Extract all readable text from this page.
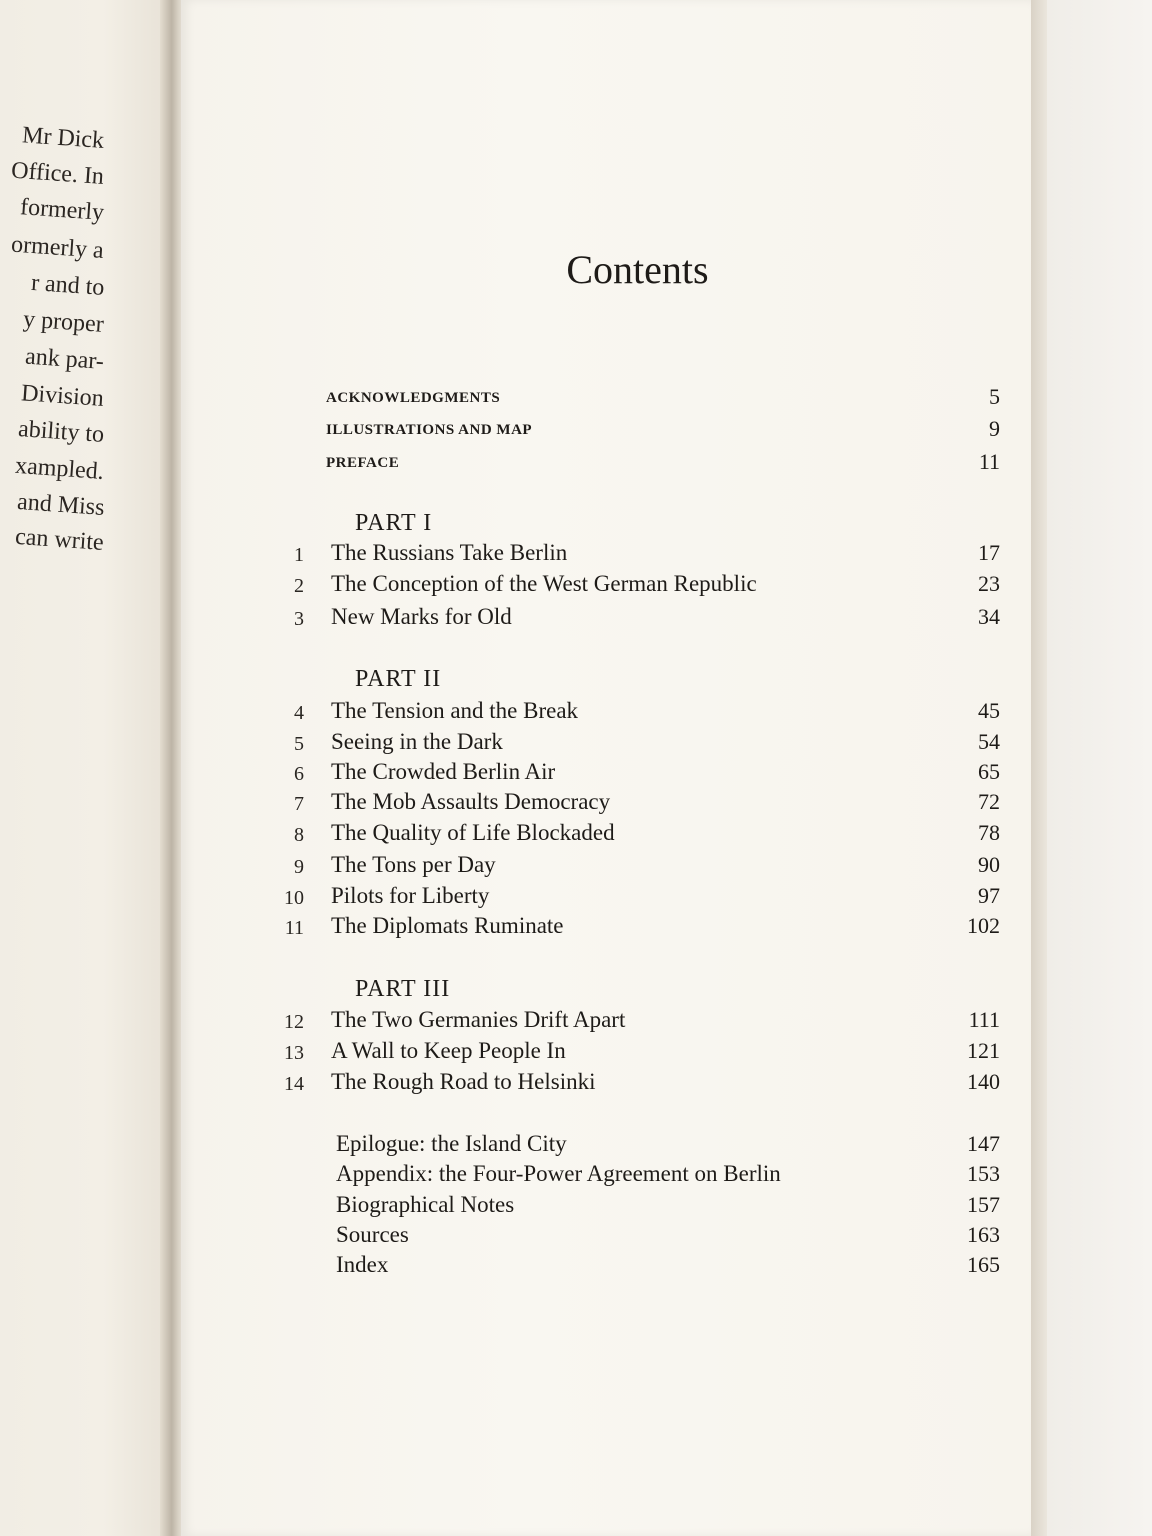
Mr Dick
Office. In
formerly
ormerly a
r and to
y proper
ank par-
Division
ability to
xampled.
and Miss
can write
Contents
ACKNOWLEDGMENTS	5
ILLUSTRATIONS AND MAP	9
PREFACE	11
PART I
1 The Russians Take Berlin	17
2 The Conception of the West German Republic	23
3 New Marks for Old	34
PART II
4 The Tension and the Break	45
5 Seeing in the Dark	54
6 The Crowded Berlin Air	65
7 The Mob Assaults Democracy	72
8 The Quality of Life Blockaded	78
9 The Tons per Day	90
10 Pilots for Liberty	97
11 The Diplomats Ruminate	102
PART III
12 The Two Germanies Drift Apart	111
13 A Wall to Keep People In	121
14 The Rough Road to Helsinki	140
Epilogue: the Island City	147
Appendix: the Four-Power Agreement on Berlin	153
Biographical Notes	157
Sources	163
Index	165
